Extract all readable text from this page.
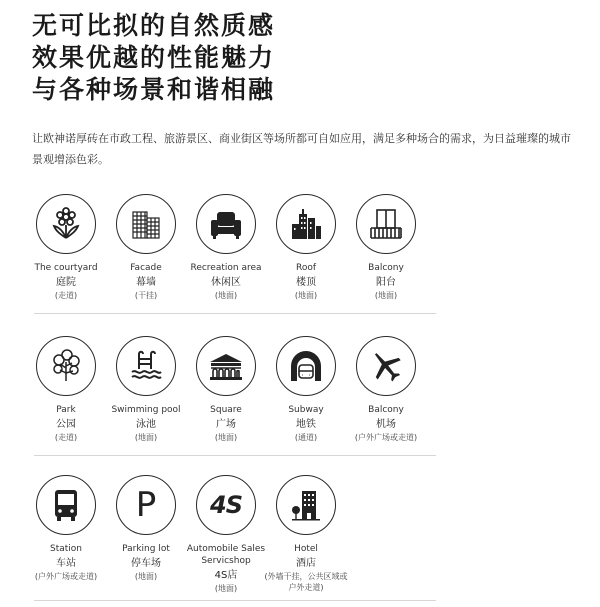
无可比拟的自然质感
效果优越的性能魅力
与各种场景和谐相融
让欧神诺厚砖在市政工程、旅游景区、商业街区等场所都可自如应用，满足多种场合的需求，为日益璀璨的城市景观增添色彩。
The courtyard
庭院
(走道)
Facade
幕墙
(干挂)
Recreation area
休闲区
(地面)
Roof
楼顶
(地面)
Balcony
阳台
(地面)
Park
公园
(走道)
Swimming pool
泳池
(地面)
Square
广场
(地面)
Subway
地铁
(通道)
Balcony
机场
(户外广场或走道)
Station
车站
(户外广场或走道)
P
Parking lot
停车场
(地面)
4S
Automobile Sales Servicshop
4S店
(地面)
Hotel
酒店
(外墙干挂，公共区域或户外走道)
